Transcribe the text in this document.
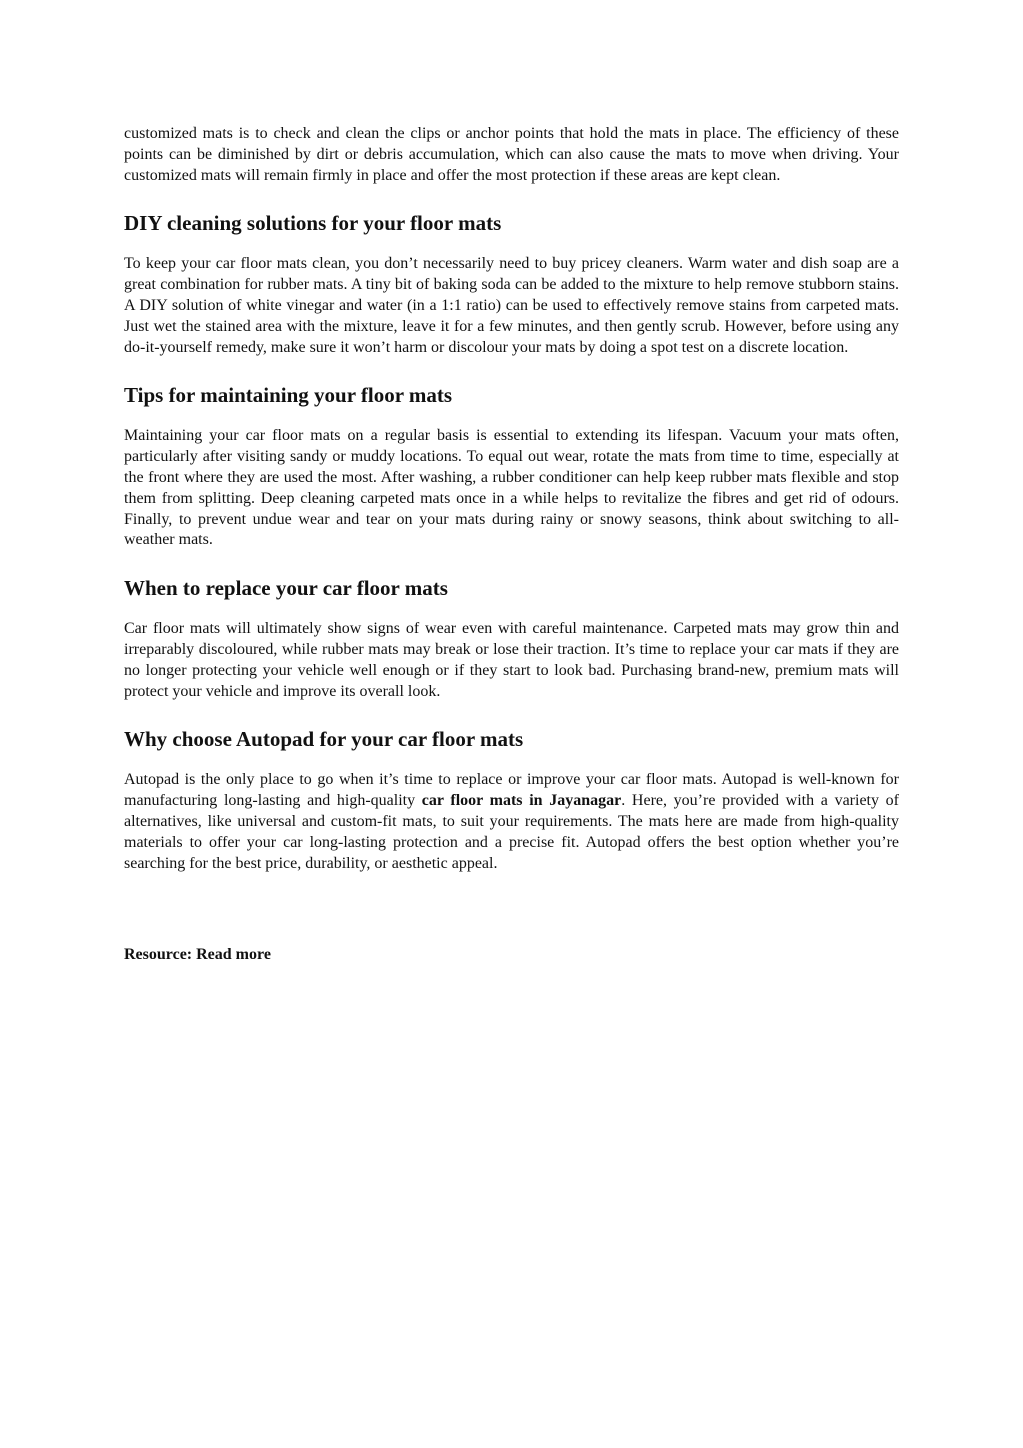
customized mats is to check and clean the clips or anchor points that hold the mats in place. The efficiency of these points can be diminished by dirt or debris accumulation, which can also cause the mats to move when driving. Your customized mats will remain firmly in place and offer the most protection if these areas are kept clean.

DIY cleaning solutions for your floor mats

To keep your car floor mats clean, you don’t necessarily need to buy pricey cleaners. Warm water and dish soap are a great combination for rubber mats. A tiny bit of baking soda can be added to the mixture to help remove stubborn stains. A DIY solution of white vinegar and water (in a 1:1 ratio) can be used to effectively remove stains from carpeted mats. Just wet the stained area with the mixture, leave it for a few minutes, and then gently scrub. However, before using any do-it-yourself remedy, make sure it won’t harm or discolour your mats by doing a spot test on a discrete location.

Tips for maintaining your floor mats

Maintaining your car floor mats on a regular basis is essential to extending its lifespan. Vacuum your mats often, particularly after visiting sandy or muddy locations. To equal out wear, rotate the mats from time to time, especially at the front where they are used the most. After washing, a rubber conditioner can help keep rubber mats flexible and stop them from splitting. Deep cleaning carpeted mats once in a while helps to revitalize the fibres and get rid of odours. Finally, to prevent undue wear and tear on your mats during rainy or snowy seasons, think about switching to all-weather mats.

When to replace your car floor mats

Car floor mats will ultimately show signs of wear even with careful maintenance. Carpeted mats may grow thin and irreparably discoloured, while rubber mats may break or lose their traction. It’s time to replace your car mats if they are no longer protecting your vehicle well enough or if they start to look bad. Purchasing brand-new, premium mats will protect your vehicle and improve its overall look.

Why choose Autopad for your car floor mats

Autopad is the only place to go when it’s time to replace or improve your car floor mats. Autopad is well-known for manufacturing long-lasting and high-quality car floor mats in Jayanagar. Here, you’re provided with a variety of alternatives, like universal and custom-fit mats, to suit your requirements. The mats here are made from high-quality materials to offer your car long-lasting protection and a precise fit. Autopad offers the best option whether you’re searching for the best price, durability, or aesthetic appeal.

Resource: Read more
